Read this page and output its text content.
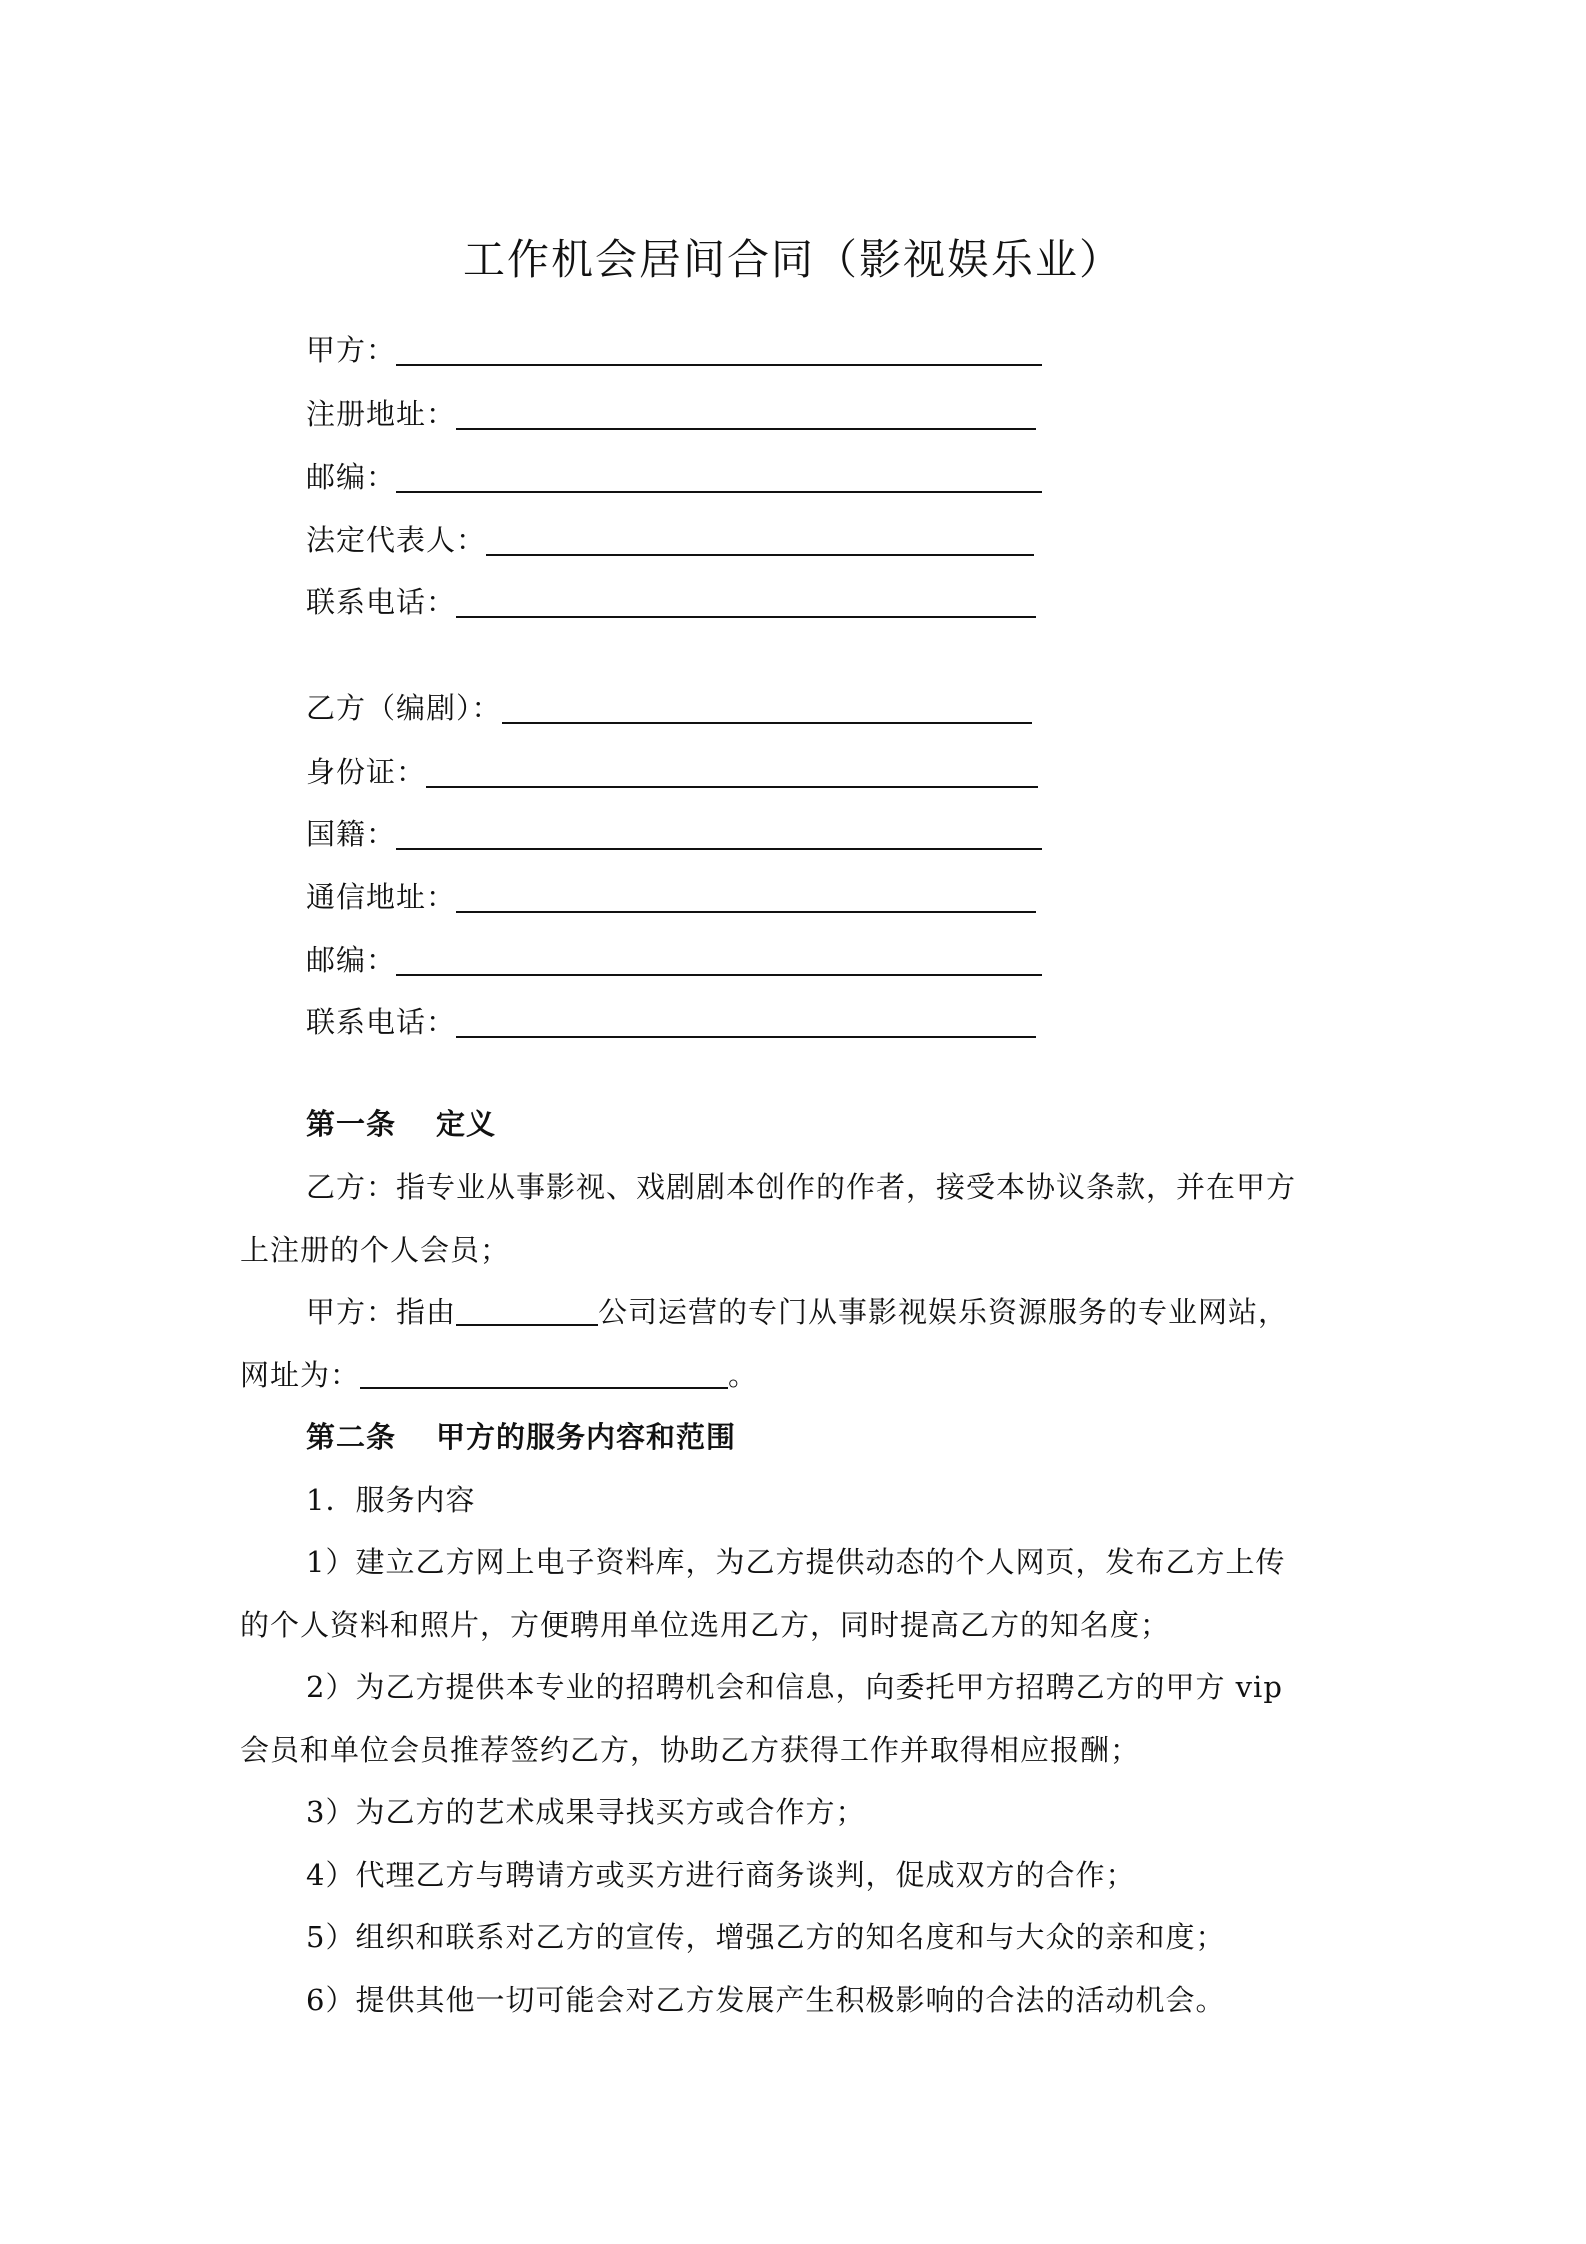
工作机会居间合同（影视娱乐业）
甲方：
注册地址：
邮编：
法定代表人：
联系电话：
乙方（编剧）：
身份证：
国籍：
通信地址：
邮编：
联系电话：
第一条 定义
乙方：指专业从事影视、戏剧剧本创作的作者，接受本协议条款，并在甲方
上注册的个人会员；
甲方：指由	公司运营的专门从事影视娱乐资源服务的专业网站，
网址为：	。
第二条 甲方的服务内容和范围
1．服务内容
1）建立乙方网上电子资料库，为乙方提供动态的个人网页，发布乙方上传
的个人资料和照片，方便聘用单位选用乙方，同时提高乙方的知名度；
2）为乙方提供本专业的招聘机会和信息，向委托甲方招聘乙方的甲方 vip
会员和单位会员推荐签约乙方，协助乙方获得工作并取得相应报酬；
3）为乙方的艺术成果寻找买方或合作方；
4）代理乙方与聘请方或买方进行商务谈判，促成双方的合作；
5）组织和联系对乙方的宣传，增强乙方的知名度和与大众的亲和度；
6）提供其他一切可能会对乙方发展产生积极影响的合法的活动机会。
